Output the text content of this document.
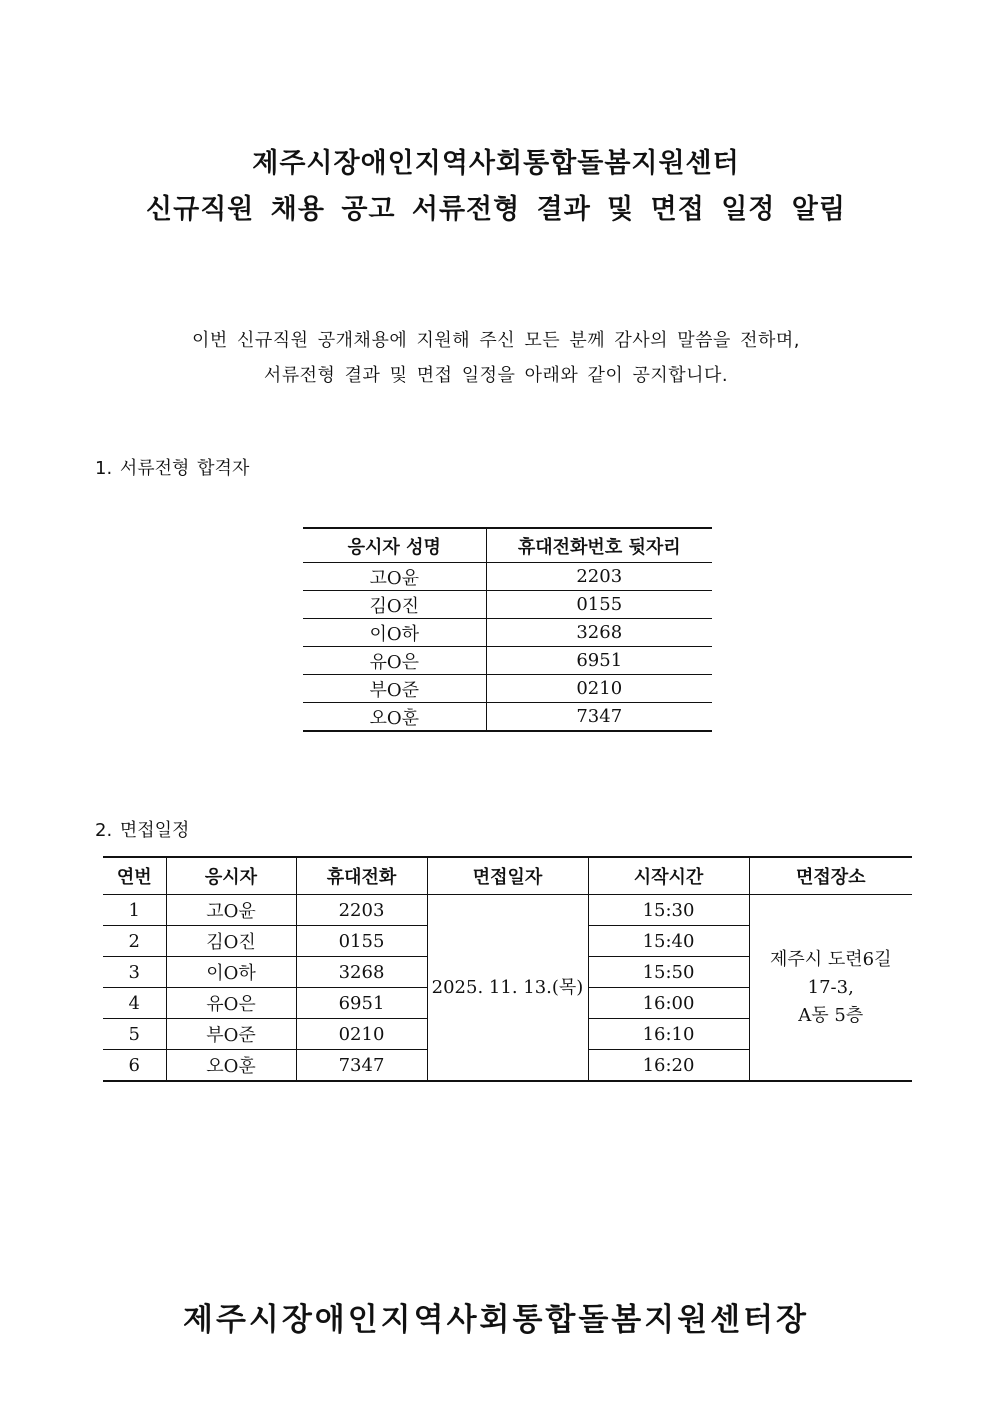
제주시장애인지역사회통합돌봄지원센터
신규직원 채용 공고 서류전형 결과 및 면접 일정 알림
이번 신규직원 공개채용에 지원해 주신 모든 분께 감사의 말씀을 전하며,
서류전형 결과 및 면접 일정을 아래와 같이 공지합니다.
1. 서류전형 합격자
응시자 성명	휴대전화번호 뒷자리
고O윤	2203
김O진	0155
이O하	3268
유O은	6951
부O준	0210
오O훈	7347
2. 면접일정
연번	응시자	휴대전화	면접일자	시작시간	면접장소
1	고O윤	2203	2025. 11. 13.(목)	15:30	제주시 도련6길
17-3,
A동 5층

2	김O진	0155		15:40	
3	이O하	3268		15:50	
4	유O은	6951		16:00	
5	부O준	0210		16:10	
6	오O훈	7347		16:20	
제주시장애인지역사회통합돌봄지원센터장
